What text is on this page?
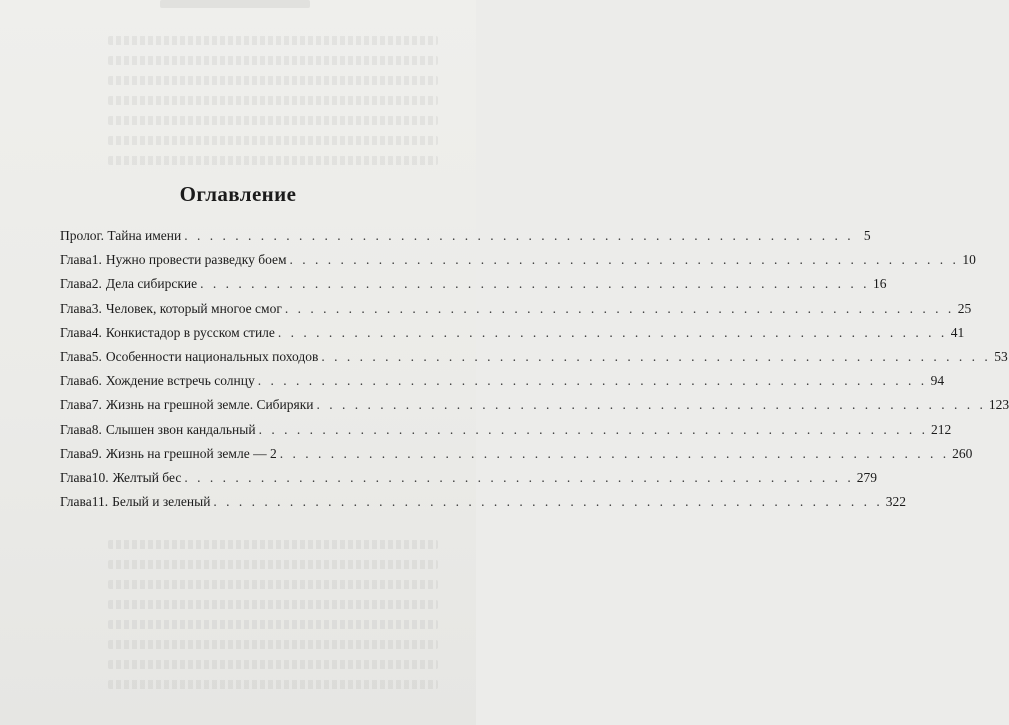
Оглавление
Пролог. Тайна имени . . .	5
Глава 1. Нужно провести разведку боем . . .	10
Глава 2. Дела сибирские . . .	16
Глава 3. Человек, который многое смог . . .	25
Глава 4. Конкистадор в русском стиле . . .	41
Глава 5. Особенности национальных походов . . .	53
Глава 6. Хождение встречь солнцу . . .	94
Глава 7. Жизнь на грешной земле. Сибиряки . . .	123
Глава 8. Слышен звон кандальный . . .	212
Глава 9. Жизнь на грешной земле — 2 . . .	260
Глава 10. Желтый бес . . .	279
Глава 11. Белый и зеленый . . .	322
